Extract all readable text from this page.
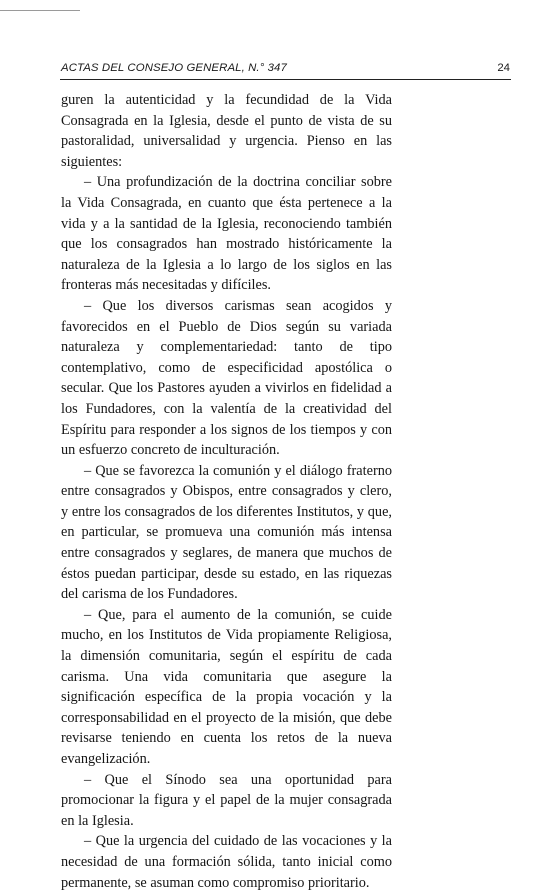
ACTAS DEL CONSEJO GENERAL, N.° 347	24

guren la autenticidad y la fecundidad de la Vida Consagrada en la Iglesia, desde el punto de vista de su pastoralidad, universalidad y urgencia. Pienso en las siguientes:

– Una profundización de la doctrina conciliar sobre la Vida Consagrada, en cuanto que ésta pertenece a la vida y a la santidad de la Iglesia, reconociendo también que los consagrados han mostrado históricamente la naturaleza de la Iglesia a lo largo de los siglos en las fronteras más necesitadas y difíciles.

– Que los diversos carismas sean acogidos y favorecidos en el Pueblo de Dios según su variada naturaleza y complementariedad: tanto de tipo contemplativo, como de especificidad apostólica o secular. Que los Pastores ayuden a vivirlos en fidelidad a los Fundadores, con la valentía de la creatividad del Espíritu para responder a los signos de los tiempos y con un esfuerzo concreto de inculturación.

– Que se favorezca la comunión y el diálogo fraterno entre consagrados y Obispos, entre consagrados y clero, y entre los consagrados de los diferentes Institutos, y que, en particular, se promueva una comunión más intensa entre consagrados y seglares, de manera que muchos de éstos puedan participar, desde su estado, en las riquezas del carisma de los Fundadores.

– Que, para el aumento de la comunión, se cuide mucho, en los Institutos de Vida propiamente Religiosa, la dimensión comunitaria, según el espíritu de cada carisma. Una vida comunitaria que asegure la significación específica de la propia vocación y la corresponsabilidad en el proyecto de la misión, que debe revisarse teniendo en cuenta los retos de la nueva evangelización.

– Que el Sínodo sea una oportunidad para promocionar la figura y el papel de la mujer consagrada en la Iglesia.

– Que la urgencia del cuidado de las vocaciones y la necesidad de una formación sólida, tanto inicial como permanente, se asuman como compromiso prioritario.
